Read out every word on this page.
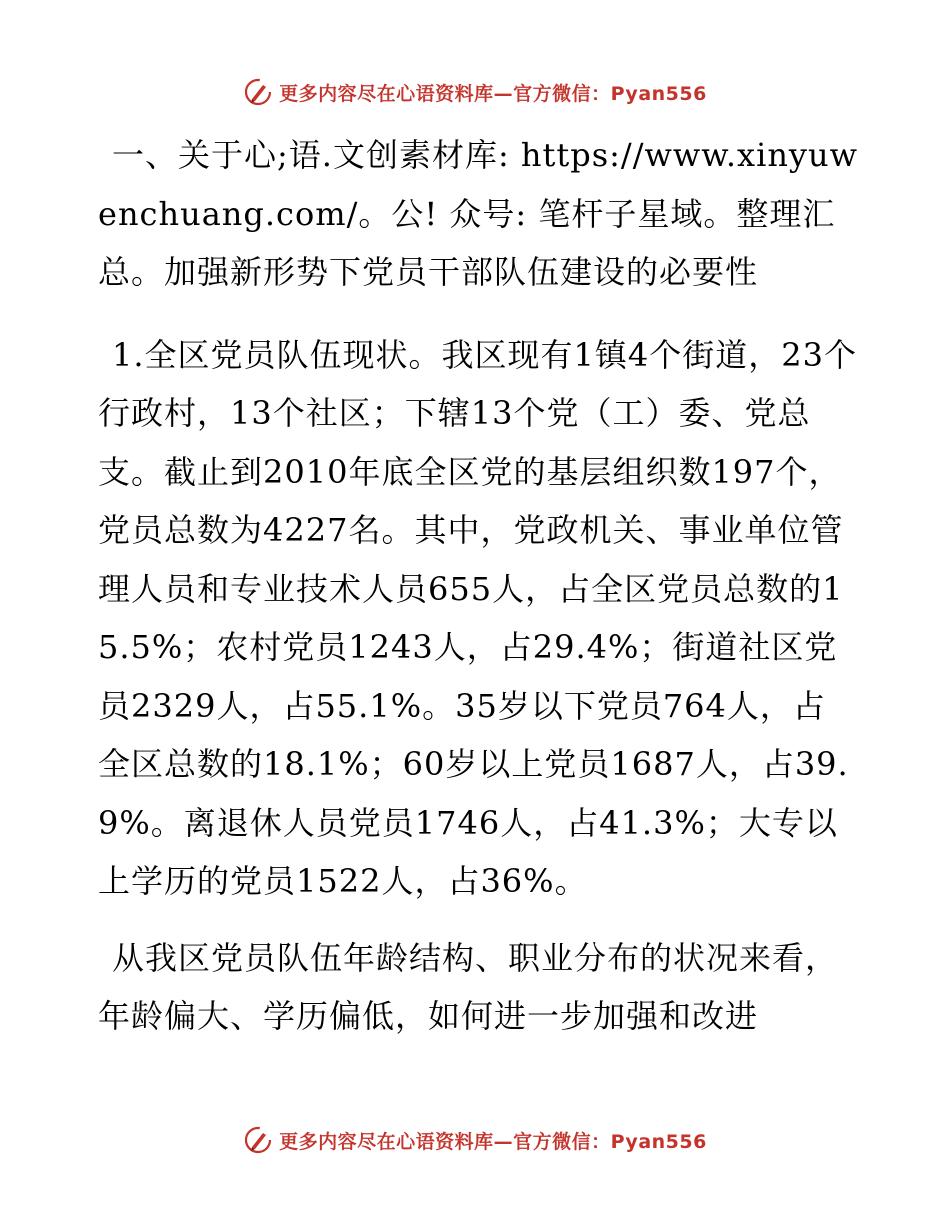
更多内容尽在心语资料库—官方微信：Pyan556

一、关于心;语.文创素材库: https://www.xinyuwenchuang.com/。公! 众号: 笔杆子星域。整理汇总。加强新形势下党员干部队伍建设的必要性

1.全区党员队伍现状。我区现有1镇4个街道，23个行政村，13个社区；下辖13个党（工）委、党总支。截止到2010年底全区党的基层组织数197个，党员总数为4227名。其中，党政机关、事业单位管理人员和专业技术人员655人，占全区党员总数的15.5%；农村党员1243人，占29.4%；街道社区党员2329人，占55.1%。35岁以下党员764人，占全区总数的18.1%；60岁以上党员1687人，占39.9%。离退休人员党员1746人，占41.3%；大专以上学历的党员1522人，占36%。

从我区党员队伍年龄结构、职业分布的状况来看，年龄偏大、学历偏低，如何进一步加强和改进

更多内容尽在心语资料库—官方微信：Pyan556
